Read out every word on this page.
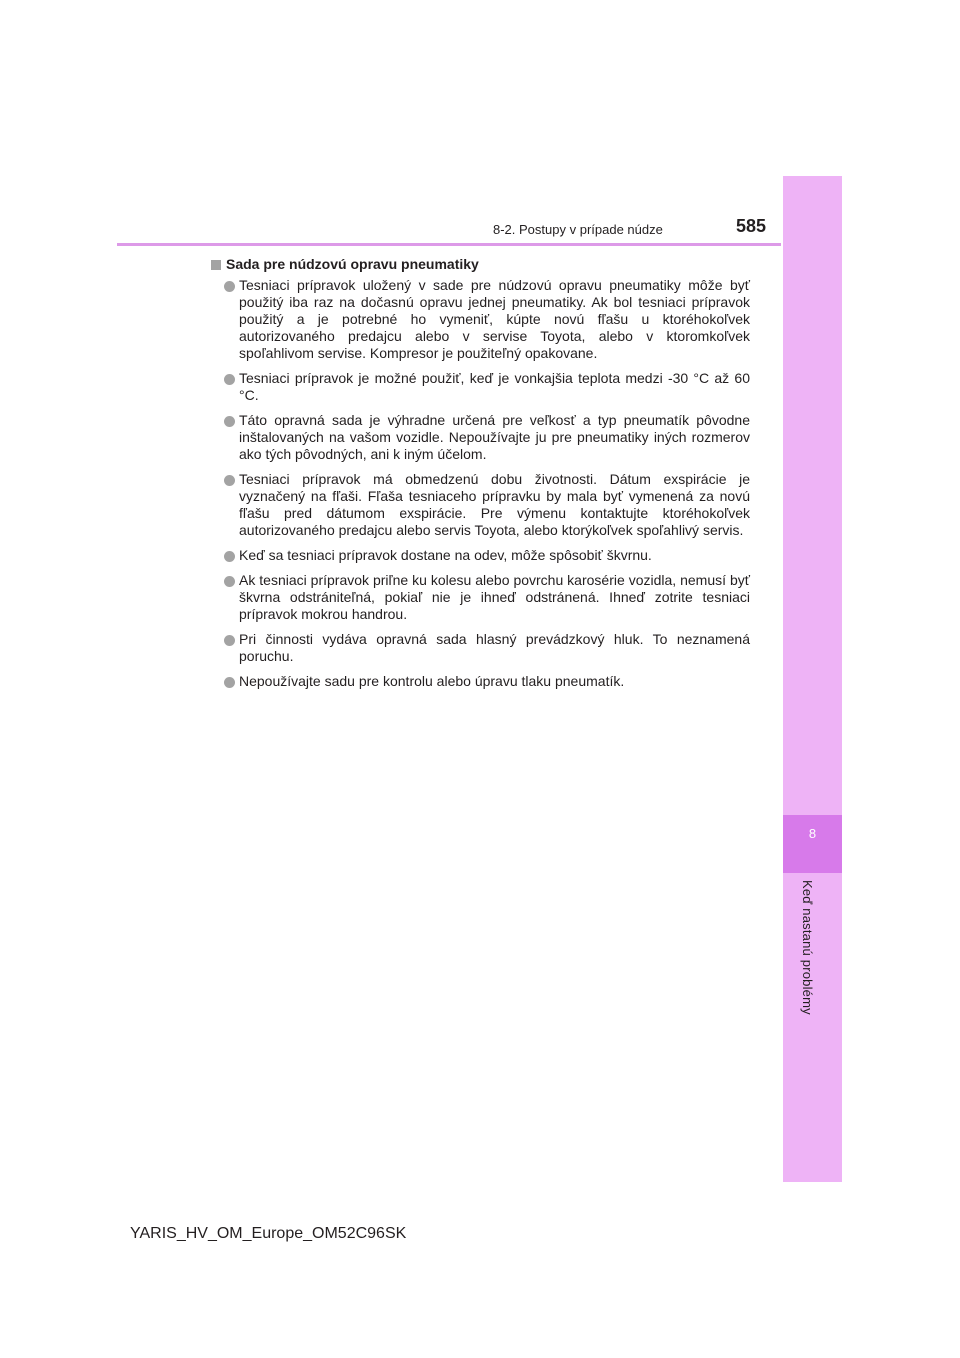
8
Keď nastanú problémy
8-2. Postupy v prípade núdze	585
Sada pre núdzovú opravu pneumatiky
Tesniaci prípravok uložený v sade pre núdzovú opravu pneumatiky môže byť použitý iba raz na dočasnú opravu jednej pneumatiky. Ak bol tesniaci prípravok použitý a je potrebné ho vymeniť, kúpte novú fľašu u ktoréhokoľvek autorizovaného predajcu alebo v servise Toyota, alebo v ktoromkoľvek spoľahlivom servise. Kompresor je použiteľný opakovane.
Tesniaci prípravok je možné použiť, keď je vonkajšia teplota medzi -30 °C až 60 °C.
Táto opravná sada je výhradne určená pre veľkosť a typ pneumatík pôvodne inštalovaných na vašom vozidle. Nepoužívajte ju pre pneumatiky iných rozmerov ako tých pôvodných, ani k iným účelom.
Tesniaci prípravok má obmedzenú dobu životnosti. Dátum exspirácie je vyznačený na fľaši. Fľaša tesniaceho prípravku by mala byť vymenená za novú fľašu pred dátumom exspirácie. Pre výmenu kontaktujte ktoréhokoľvek autorizovaného predajcu alebo servis Toyota, alebo ktorýkoľvek spoľahlivý servis.
Keď sa tesniaci prípravok dostane na odev, môže spôsobiť škvrnu.
Ak tesniaci prípravok priľne ku kolesu alebo povrchu karosérie vozidla, nemusí byť škvrna odstrániteľná, pokiaľ nie je ihneď odstránená. Ihneď zotrite tesniaci prípravok mokrou handrou.
Pri činnosti vydáva opravná sada hlasný prevádzkový hluk. To neznamená poruchu.
Nepoužívajte sadu pre kontrolu alebo úpravu tlaku pneumatík.
YARIS_HV_OM_Europe_OM52C96SK
